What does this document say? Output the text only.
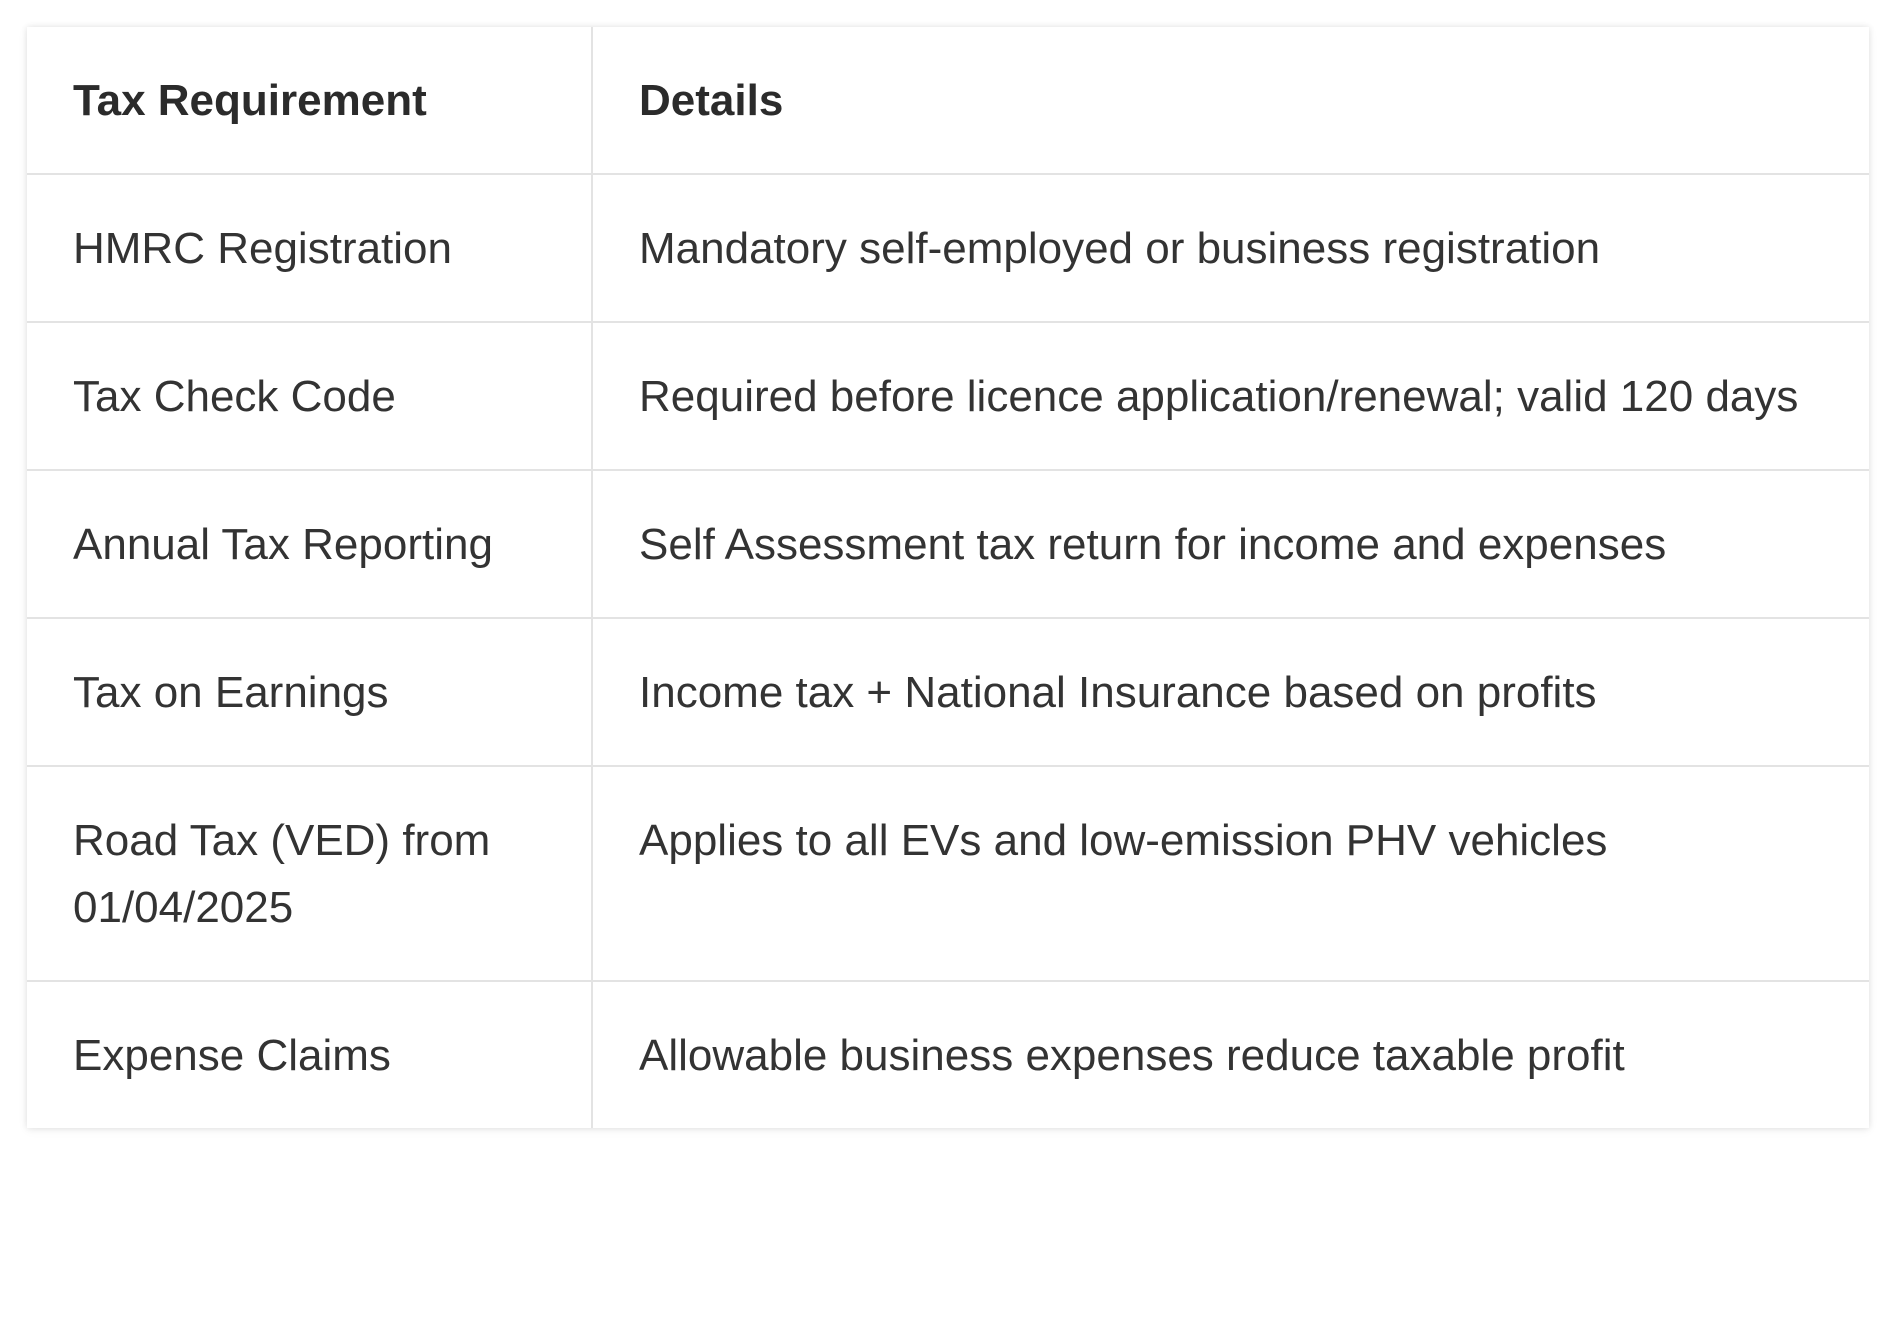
Tax Requirement	Details
HMRC Registration	Mandatory self-employed or business registration
Tax Check Code	Required before licence application/renewal; valid 120 days
Annual Tax Reporting	Self Assessment tax return for income and expenses
Tax on Earnings	Income tax + National Insurance based on profits
Road Tax (VED) from 01/04/2025	Applies to all EVs and low-emission PHV vehicles
Expense Claims	Allowable business expenses reduce taxable profit
